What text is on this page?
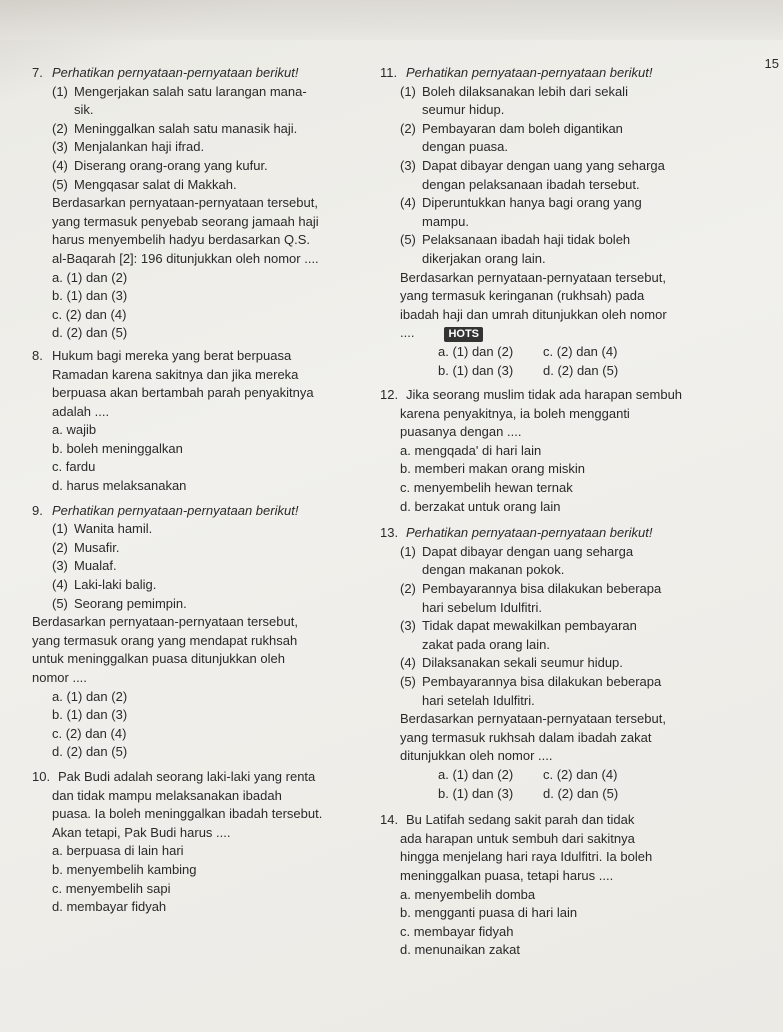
15
7. Perhatikan pernyataan-pernyataan berikut!
(1) Mengerjakan salah satu larangan mana-
sik.
(2) Meninggalkan salah satu manasik haji.
(3) Menjalankan haji ifrad.
(4) Diserang orang-orang yang kufur.
(5) Mengqasar salat di Makkah.
Berdasarkan pernyataan-pernyataan tersebut,
yang termasuk penyebab seorang jamaah haji
harus menyembelih hadyu berdasarkan Q.S.
al-Baqarah [2]: 196 ditunjukkan oleh nomor ....
a. (1) dan (2)
b. (1) dan (3)
c. (2) dan (4)
d. (2) dan (5)
8. Hukum bagi mereka yang berat berpuasa
Ramadan karena sakitnya dan jika mereka
berpuasa akan bertambah parah penyakitnya
adalah ....
a. wajib
b. boleh meninggalkan
c. fardu
d. harus melaksanakan
9. Perhatikan pernyataan-pernyataan berikut!
(1) Wanita hamil.
(2) Musafir.
(3) Mualaf.
(4) Laki-laki balig.
(5) Seorang pemimpin.
Berdasarkan pernyataan-pernyataan tersebut,
yang termasuk orang yang mendapat rukhsah
untuk meninggalkan puasa ditunjukkan oleh
nomor ....
a. (1) dan (2)
b. (1) dan (3)
c. (2) dan (4)
d. (2) dan (5)
10. Pak Budi adalah seorang laki-laki yang renta
dan tidak mampu melaksanakan ibadah
puasa. Ia boleh meninggalkan ibadah tersebut.
Akan tetapi, Pak Budi harus ....
a. berpuasa di lain hari
b. menyembelih kambing
c. menyembelih sapi
d. membayar fidyah
11. Perhatikan pernyataan-pernyataan berikut!
(1) Boleh dilaksanakan lebih dari sekali
seumur hidup.
(2) Pembayaran dam boleh digantikan
dengan puasa.
(3) Dapat dibayar dengan uang yang seharga
dengan pelaksanaan ibadah tersebut.
(4) Diperuntukkan hanya bagi orang yang
mampu.
(5) Pelaksanaan ibadah haji tidak boleh
dikerjakan orang lain.
Berdasarkan pernyataan-pernyataan tersebut,
yang termasuk keringanan (rukhsah) pada
ibadah haji dan umrah ditunjukkan oleh nomor
....	HOTS
a. (1) dan (2)	c. (2) dan (4)
b. (1) dan (3)	d. (2) dan (5)
12. Jika seorang muslim tidak ada harapan sembuh
karena penyakitnya, ia boleh mengganti
puasanya dengan ....
a. mengqada' di hari lain
b. memberi makan orang miskin
c. menyembelih hewan ternak
d. berzakat untuk orang lain
13. Perhatikan pernyataan-pernyataan berikut!
(1) Dapat dibayar dengan uang seharga
dengan makanan pokok.
(2) Pembayarannya bisa dilakukan beberapa
hari sebelum Idulfitri.
(3) Tidak dapat mewakilkan pembayaran
zakat pada orang lain.
(4) Dilaksanakan sekali seumur hidup.
(5) Pembayarannya bisa dilakukan beberapa
hari setelah Idulfitri.
Berdasarkan pernyataan-pernyataan tersebut,
yang termasuk rukhsah dalam ibadah zakat
ditunjukkan oleh nomor ....
a. (1) dan (2)	c. (2) dan (4)
b. (1) dan (3)	d. (2) dan (5)
14. Bu Latifah sedang sakit parah dan tidak
ada harapan untuk sembuh dari sakitnya
hingga menjelang hari raya Idulfitri. Ia boleh
meninggalkan puasa, tetapi harus ....
a. menyembelih domba
b. mengganti puasa di hari lain
c. membayar fidyah
d. menunaikan zakat
